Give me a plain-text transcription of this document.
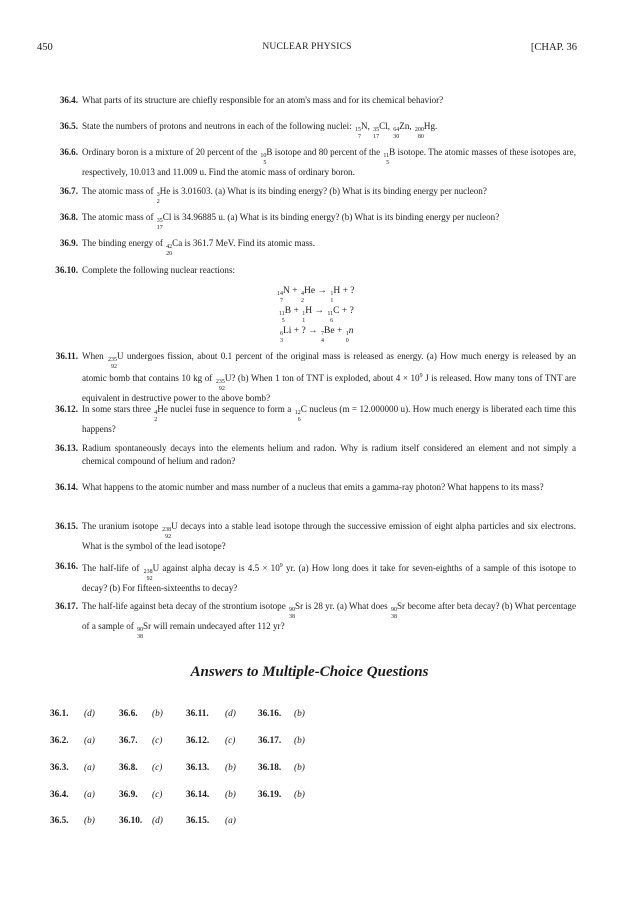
450	NUCLEAR PHYSICS	[CHAP. 36
36.4. What parts of its structure are chiefly responsible for an atom's mass and for its chemical behavior?
36.5. State the numbers of protons and neutrons in each of the following nuclei: 15
7
N, 35
17
Cl, 64
30
Zn, 200
80
Hg.
36.6. Ordinary boron is a mixture of 20 percent of the 10
5
B isotope and 80 percent of the 11
5
B isotope. The atomic masses of these isotopes are, respectively, 10.013 and 11.009 u. Find the atomic mass of ordinary boron.
36.7. The atomic mass of 3
2
He is 3.01603. (a) What is its binding energy? (b) What is its binding energy per nucleon?
36.8. The atomic mass of 35
17
Cl is 34.96885 u. (a) What is its binding energy? (b) What is its binding energy per nucleon?
36.9. The binding energy of 42
20
Ca is 361.7 MeV. Find its atomic mass.
36.10. Complete the following nuclear reactions:
14
7
N + 4
2
He → 1
1
H + ?
11
5
B + 1
1
H → 11
6
C + ?
6
3
Li + ? → 7
4
Be + 1
0
n
36.11. When 235
92
U undergoes fission, about 0.1 percent of the original mass is released as energy. (a) How much energy is released by an atomic bomb that contains 10 kg of 235
92
U? (b) When 1 ton of TNT is exploded, about $4 \times 10^9$ J is released. How many tons of TNT are equivalent in destructive power to the above bomb?
36.12. In some stars three 4
2
He nuclei fuse in sequence to form a 12
6
C nucleus (m = 12.000000 u). How much energy is liberated each time this happens?
36.13. Radium spontaneously decays into the elements helium and radon. Why is radium itself considered an element and not simply a chemical compound of helium and radon?
36.14. What happens to the atomic number and mass number of a nucleus that emits a gamma-ray photon? What happens to its mass?
36.15. The uranium isotope 238
92
U decays into a stable lead isotope through the successive emission of eight alpha particles and six electrons. What is the symbol of the lead isotope?
36.16. The half-life of 238
92
U against alpha decay is $4.5 \times 10^9$ yr. (a) How long does it take for seven-eighths of a sample of this isotope to decay? (b) For fifteen-sixteenths to decay?
36.17. The half-life against beta decay of the strontium isotope 90
38
Sr is 28 yr. (a) What does 90
38
Sr become after beta decay? (b) What percentage of a sample of 90
38
Sr will remain undecayed after 112 yr?
Answers to Multiple-Choice Questions
36.1. (d)	36.6. (b) 36.11. (d) 36.16. (b)
36.2. (a)	36.7. (c)	36.12. (c) 36.17. (b)
36.3. (a)	36.8. (c)	36.13. (b) 36.18. (b)
36.4. (a)	36.9. (c)	36.14. (b) 36.19. (b)
36.5. (b)	36.10. (d) 36.15. (a)
